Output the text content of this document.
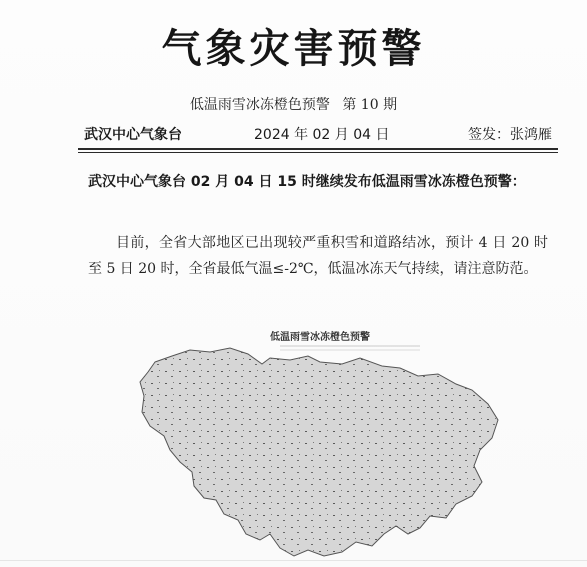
气象灾害预警
低温雨雪冰冻橙色预警 第 10 期
武汉中心气象台	2024 年 02 月 04 日	签发：张鸿雁
武汉中心气象台 02 月 04 日 15 时继续发布低温雨雪冰冻橙色预警：
目前，全省大部地区已出现较严重积雪和道路结冰，预计 4 日 20 时至 5 日 20 时，全省最低气温≤-2℃，低温冰冻天气持续，请注意防范。
低温雨雪冰冻橙色预警
